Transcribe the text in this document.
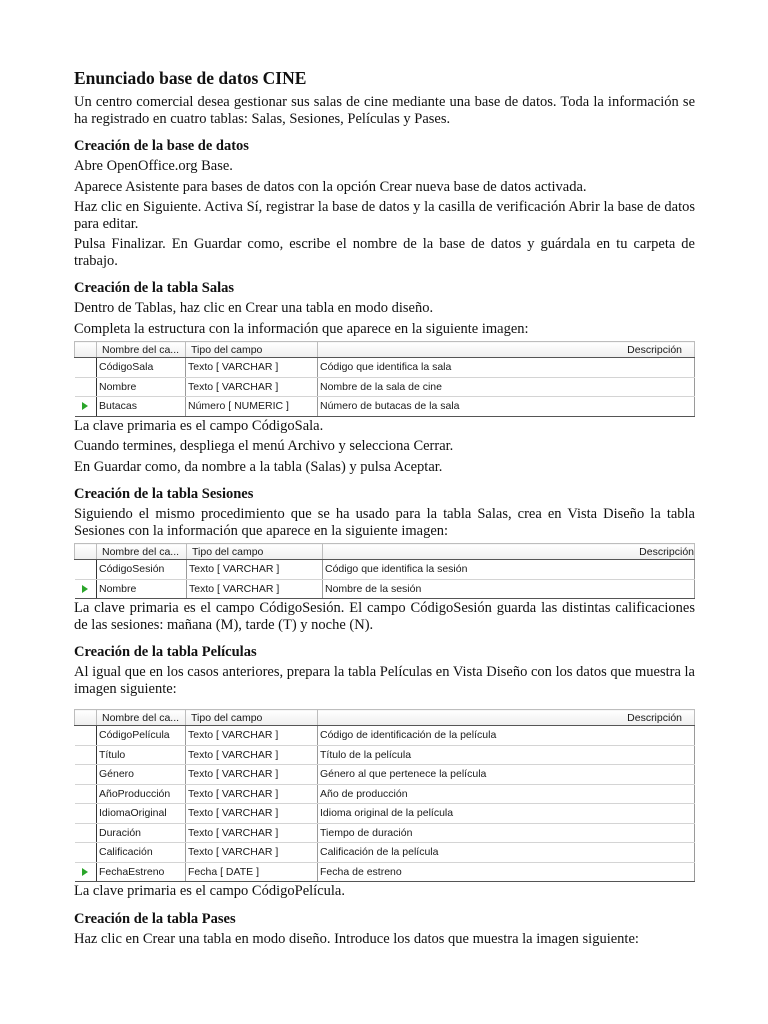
Enunciado base de datos CINE

Un centro comercial desea gestionar sus salas de cine mediante una base de datos. Toda la información se ha registrado en cuatro tablas: Salas, Sesiones, Películas y Pases.

Creación de la base de datos

Abre OpenOffice.org Base.

Aparece Asistente para bases de datos con la opción Crear nueva base de datos activada.

Haz clic en Siguiente. Activa Sí, registrar la base de datos y la casilla de verificación Abrir la base de datos para editar.

Pulsa Finalizar. En Guardar como, escribe el nombre de la base de datos y guárdala en tu carpeta de trabajo.

Creación de la tabla Salas

Dentro de Tablas, haz clic en Crear una tabla en modo diseño.

Completa la estructura con la información que aparece en la siguiente imagen:

	Nombre del ca...	Tipo del campo	Descripción
	CódigoSala	Texto [ VARCHAR ]	Código que identifica la sala
	Nombre	Texto [ VARCHAR ]	Nombre de la sala de cine
	Butacas	Número [ NUMERIC ]	Número de butacas de la sala

La clave primaria es el campo CódigoSala.

Cuando termines, despliega el menú Archivo y selecciona Cerrar.

En Guardar como, da nombre a la tabla (Salas) y pulsa Aceptar.

Creación de la tabla Sesiones

Siguiendo el mismo procedimiento que se ha usado para la tabla Salas, crea en Vista Diseño la tabla Sesiones con la información que aparece en la siguiente imagen:

	Nombre del ca...	Tipo del campo	Descripción
	CódigoSesión	Texto [ VARCHAR ]	Código que identifica la sesión
	Nombre	Texto [ VARCHAR ]	Nombre de la sesión

La clave primaria es el campo CódigoSesión. El campo CódigoSesión guarda las distintas calificaciones de las sesiones: mañana (M), tarde (T) y noche (N).

Creación de la tabla Películas

Al igual que en los casos anteriores, prepara la tabla Películas en Vista Diseño con los datos que muestra la imagen siguiente:

	Nombre del ca...	Tipo del campo	Descripción
	CódigoPelícula	Texto [ VARCHAR ]	Código de identificación de la película
	Título	Texto [ VARCHAR ]	Título de la película
	Género	Texto [ VARCHAR ]	Género al que pertenece la película
	AñoProducción	Texto [ VARCHAR ]	Año de producción
	IdiomaOriginal	Texto [ VARCHAR ]	Idioma original de la película
	Duración	Texto [ VARCHAR ]	Tiempo de duración
	Calificación	Texto [ VARCHAR ]	Calificación de la película
	FechaEstreno	Fecha [ DATE ]	Fecha de estreno

La clave primaria es el campo CódigoPelícula.

Creación de la tabla Pases

Haz clic en Crear una tabla en modo diseño. Introduce los datos que muestra la imagen siguiente:
